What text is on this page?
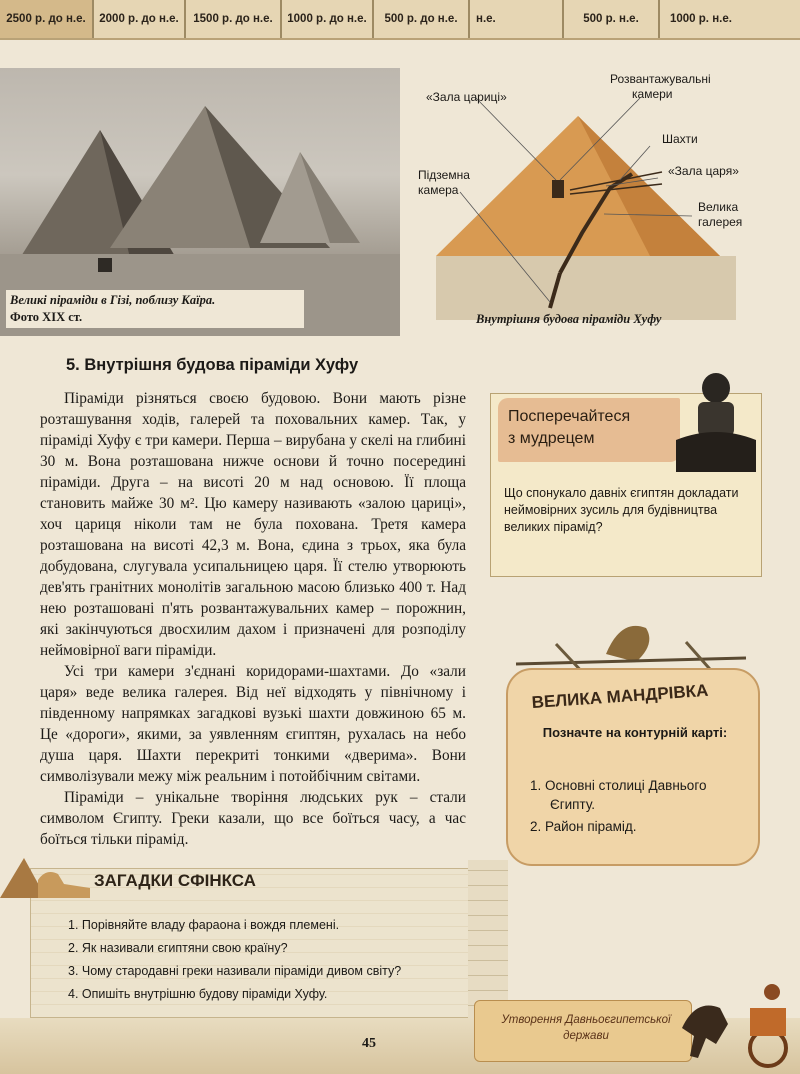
2500 р. до н.е.	2000 р. до н.е.	1500 р. до н.е.	1000 р. до н.е.	500 р. до н.е.	н.е.	500 р. н.е.	1000 р. н.е.
Великі піраміди в Гізі, поблизу Каїра.
Фото XIX ст.
«Зала цариці»
Розвантажувальні
камери
Шахти
«Зала царя»
Підземна
камера
Велика
галерея
Внутрішня будова піраміди Хуфу
5. Внутрішня будова піраміди Хуфу

Піраміди різняться своєю будовою. Вони мають різне розташування ходів, галерей та поховальних камер. Так, у піраміді Хуфу є три камери. Перша – вирубана у скелі на глибині 30 м. Вона розташована нижче основи й точно посередині піраміди. Друга – на висоті 20 м над основою. Її площа становить майже 30 м². Цю камеру називають «залою цариці», хоч цариця ніколи там не була похована. Третя камера розташована на висоті 42,3 м. Вона, єдина з трьох, яка була добудована, слугувала усипальницею царя. Її стелю утворюють дев'ять гранітних монолітів загальною масою близько 400 т. Над нею розташовані п'ять розвантажувальних камер – порожнин, які закінчуються двосхилим дахом і призначені для розподілу неймовірної ваги піраміди.

Усі три камери з'єднані коридорами-шахтами. До «зали царя» веде велика галерея. Від неї відходять у північному і південному напрямках загадкові вузькі шахти довжиною 65 м. Це «дороги», якими, за уявленням єгиптян, рухалась на небо душа царя. Шахти перекриті тонкими «дверима». Вони символізували межу між реальним і потойбічним світами.

Піраміди – унікальне творіння людських рук – стали символом Єгипту. Греки казали, що все боїться часу, а час боїться тільки пірамід.

Посперечайтеся
з мудрецем
Що спонукало давніх єгиптян докладати неймовірних зусиль для будівництва великих пірамід?
ВЕЛИКА МАНДРІВКА
Позначте на контурній карті:
1. Основні столиці Давнього Єгипту.
2. Район пірамід.
ЗАГАДКИ СФІНКСА
1. Порівняйте владу фараона і вождя племені.
2. Як називали єгиптяни свою країну?
3. Чому стародавні греки називали піраміди дивом світу?
4. Опишіть внутрішню будову піраміди Хуфу.
45
Утворення Давньоєгипетської держави
